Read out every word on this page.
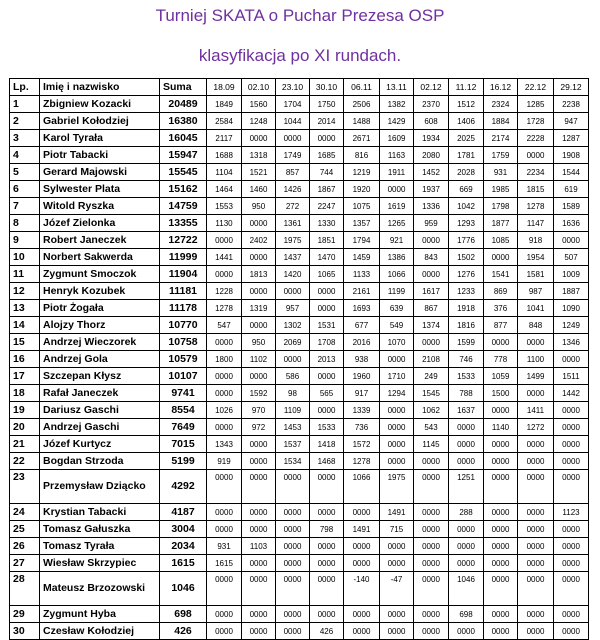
Turniej SKATA o Puchar Prezesa OSP
klasyfikacja po XI rundach.
Lp.	Imię i nazwisko	Suma	18.09	02.10	23.10	30.10	06.11	13.11	02.12	11.12	16.12	22.12	29.12
1	Zbigniew Kozacki	20489	1849	1560	1704	1750	2506	1382	2370	1512	2324	1285	2238
2	Gabriel Kołodziej	16380	2584	1248	1044	2014	1488	1429	608	1406	1884	1728	947
3	Karol Tyrała	16045	2117	0000	0000	0000	2671	1609	1934	2025	2174	2228	1287
4	Piotr Tabacki	15947	1688	1318	1749	1685	816	1163	2080	1781	1759	0000	1908
5	Gerard Majowski	15545	1104	1521	857	744	1219	1911	1452	2028	931	2234	1544
6	Sylwester Plata	15162	1464	1460	1426	1867	1920	0000	1937	669	1985	1815	619
7	Witold Ryszka	14759	1553	950	272	2247	1075	1619	1336	1042	1798	1278	1589
8	Józef Zielonka	13355	1130	0000	1361	1330	1357	1265	959	1293	1877	1147	1636
9	Robert Janeczek	12722	0000	2402	1975	1851	1794	921	0000	1776	1085	918	0000
10	Norbert Sakwerda	11999	1441	0000	1437	1470	1459	1386	843	1502	0000	1954	507
11	Zygmunt Smoczok	11904	0000	1813	1420	1065	1133	1066	0000	1276	1541	1581	1009
12	Henryk Kozubek	11181	1228	0000	0000	0000	2161	1199	1617	1233	869	987	1887
13	Piotr Żogała	11178	1278	1319	957	0000	1693	639	867	1918	376	1041	1090
14	Alojzy Thorz	10770	547	0000	1302	1531	677	549	1374	1816	877	848	1249
15	Andrzej Wieczorek	10758	0000	950	2069	1708	2016	1070	0000	1599	0000	0000	1346
16	Andrzej Gola	10579	1800	1102	0000	2013	938	0000	2108	746	778	1100	0000
17	Szczepan Kłysz	10107	0000	0000	586	0000	1960	1710	249	1533	1059	1499	1511
18	Rafał Janeczek	9741	0000	1592	98	565	917	1294	1545	788	1500	0000	1442
19	Dariusz Gaschi	8554	1026	970	1109	0000	1339	0000	1062	1637	0000	1411	0000
20	Andrzej Gaschi	7649	0000	972	1453	1533	736	0000	543	0000	1140	1272	0000
21	Józef Kurtycz	7015	1343	0000	1537	1418	1572	0000	1145	0000	0000	0000	0000
22	Bogdan Strzoda	5199	919	0000	1534	1468	1278	0000	0000	0000	0000	0000	0000
23	Przemysław Dziącko	4292	0000	0000	0000	0000	1066	1975	0000	1251	0000	0000	0000
24	Krystian Tabacki	4187	0000	0000	0000	0000	0000	1491	0000	288	0000	0000	1123
25	Tomasz Gałuszka	3004	0000	0000	0000	798	1491	715	0000	0000	0000	0000	0000
26	Tomasz Tyrała	2034	931	1103	0000	0000	0000	0000	0000	0000	0000	0000	0000
27	Wiesław Skrzypiec	1615	1615	0000	0000	0000	0000	0000	0000	0000	0000	0000	0000
28	Mateusz Brzozowski	1046	0000	0000	0000	0000	-140	-47	0000	1046	0000	0000	0000
29	Zygmunt Hyba	698	0000	0000	0000	0000	0000	0000	0000	698	0000	0000	0000
30	Czesław Kołodziej	426	0000	0000	0000	426	0000	0000	0000	0000	0000	0000	0000
